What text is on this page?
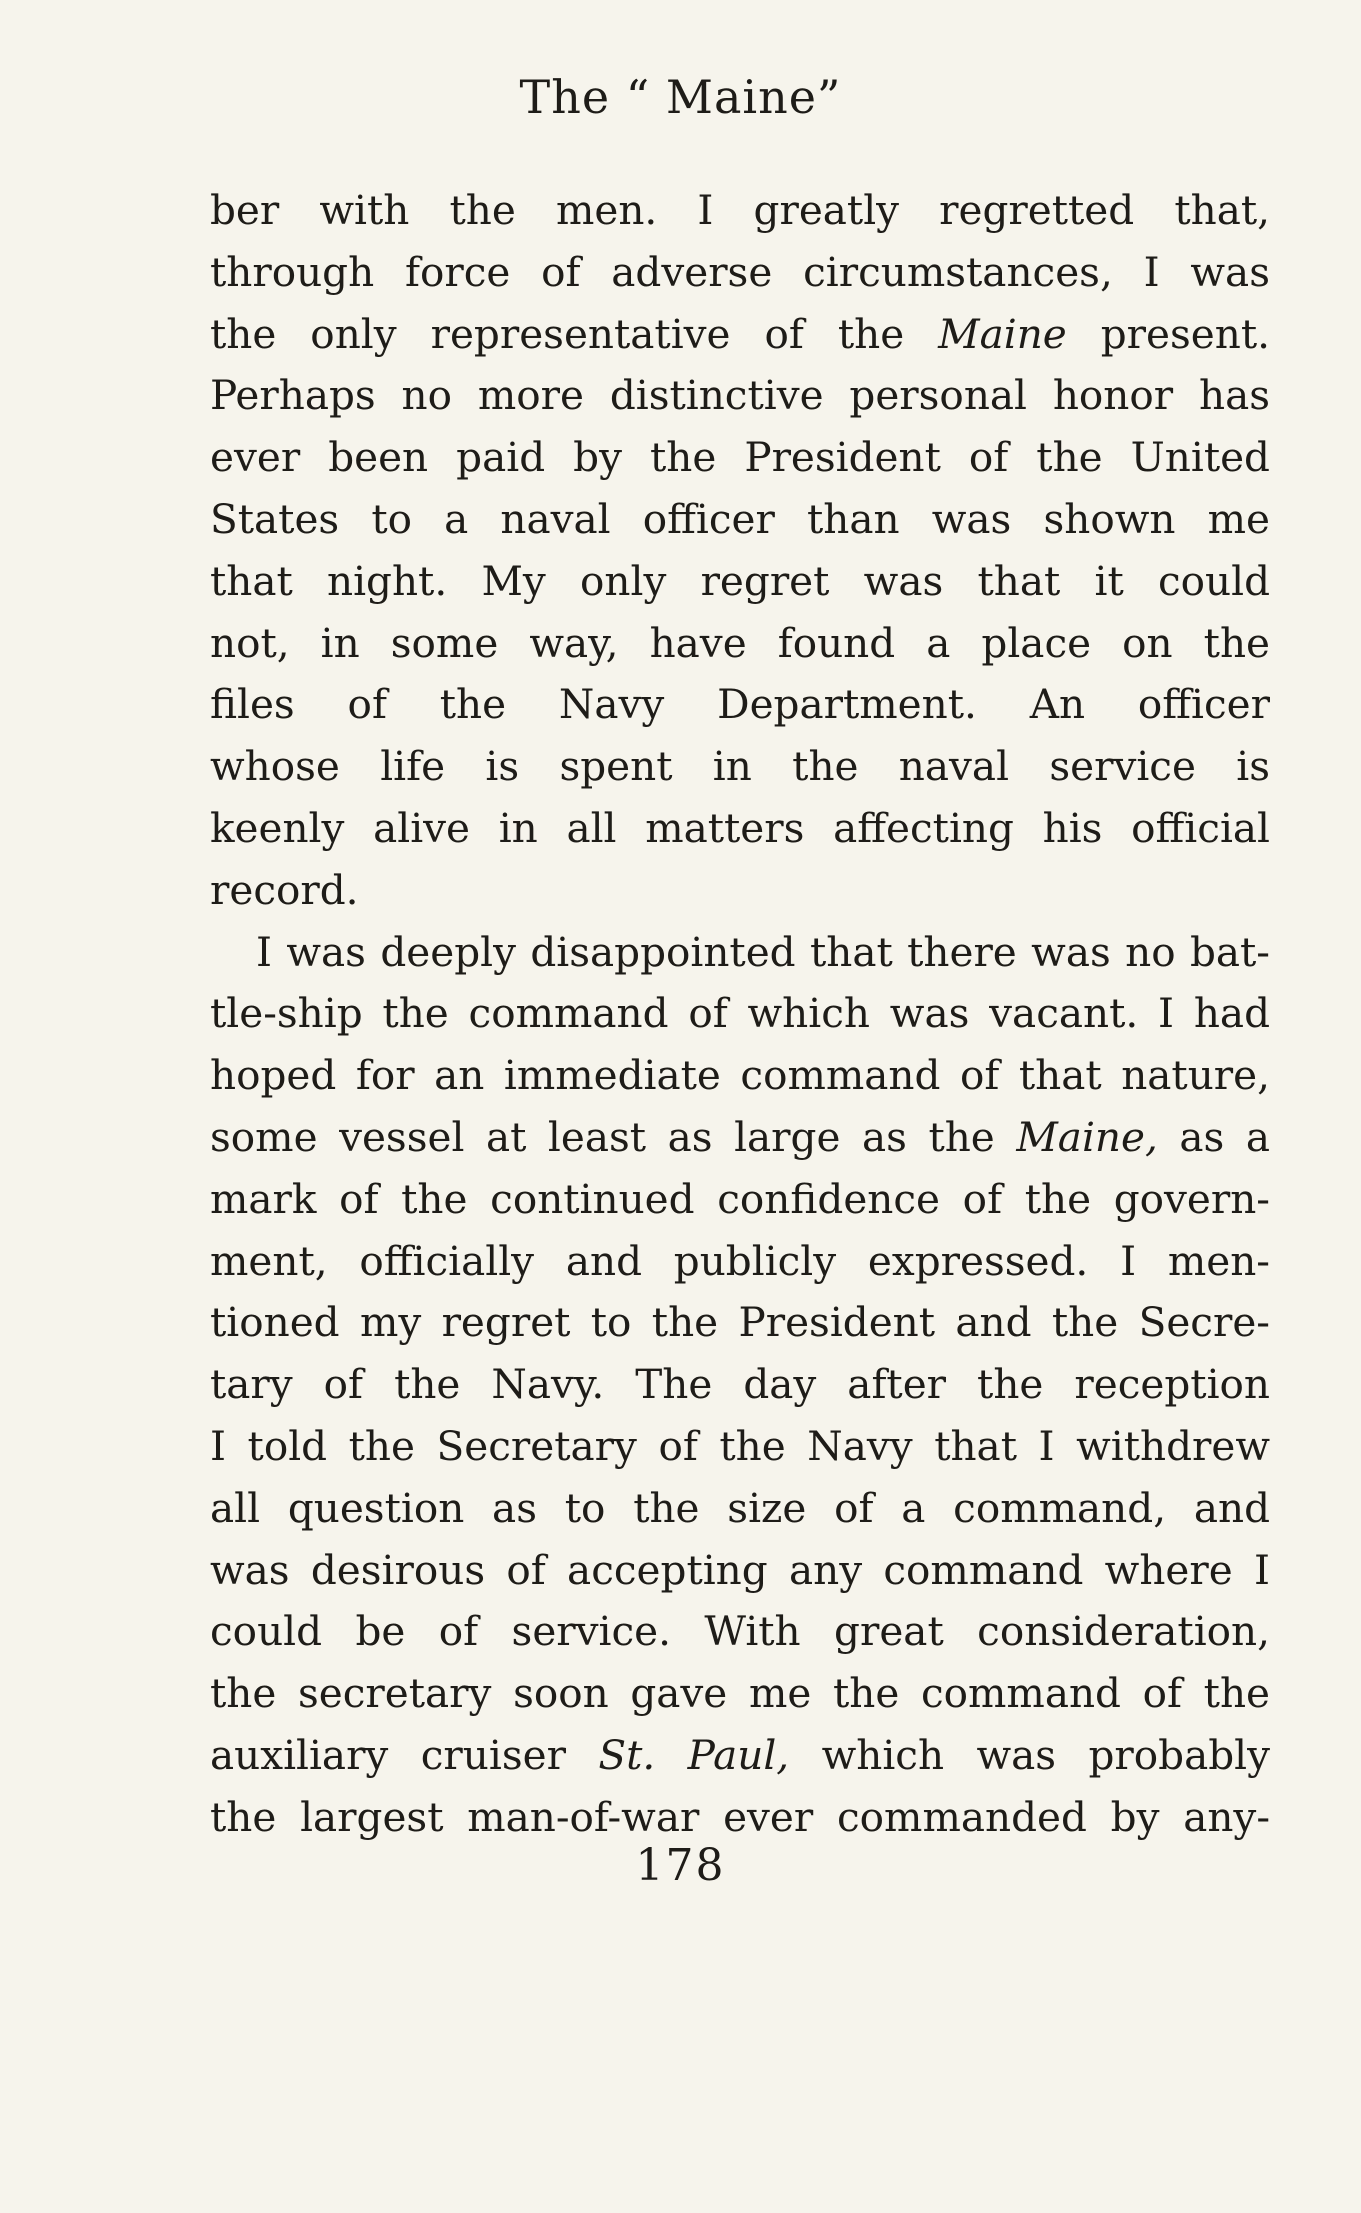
The “ Maine”
ber with the men. I greatly regretted that,
through force of adverse circumstances, I was
the only representative of the Maine present.
Perhaps no more distinctive personal honor has
ever been paid by the President of the United
States to a naval officer than was shown me
that night. My only regret was that it could
not, in some way, have found a place on the
files of the Navy Department. An officer
whose life is spent in the naval service is
keenly alive in all matters affecting his official
record.
I was deeply disappointed that there was no bat-
tle-ship the command of which was vacant. I had
hoped for an immediate command of that nature,
some vessel at least as large as the Maine, as a
mark of the continued confidence of the govern-
ment, officially and publicly expressed. I men-
tioned my regret to the President and the Secre-
tary of the Navy. The day after the reception
I told the Secretary of the Navy that I withdrew
all question as to the size of a command, and
was desirous of accepting any command where I
could be of service. With great consideration,
the secretary soon gave me the command of the
auxiliary cruiser St. Paul, which was probably
the largest man-of-war ever commanded by any-
178
